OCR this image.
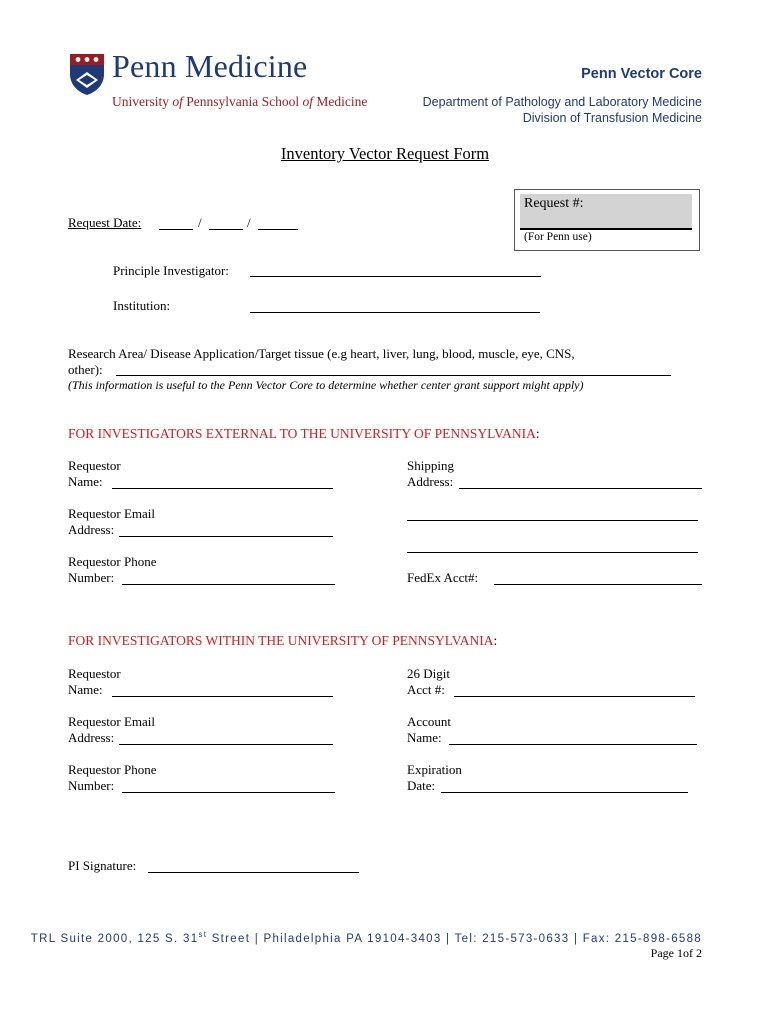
Penn Medicine
University of Pennsylvania School of Medicine
Penn Vector Core
Department of Pathology and Laboratory Medicine
Division of Transfusion Medicine
Inventory Vector Request Form
Request #:
(For Penn use)
Request Date:	/	/
Principle Investigator:
Institution:
Research Area/ Disease Application/Target tissue (e.g heart, liver, lung, blood, muscle, eye, CNS,
other):
(This information is useful to the Penn Vector Core to determine whether center grant support might apply)
FOR INVESTIGATORS EXTERNAL TO THE UNIVERSITY OF PENNSYLVANIA:
Requestor
Name:
Requestor Email
Address:
Requestor Phone
Number:
Shipping
Address:
FedEx Acct#:
FOR INVESTIGATORS WITHIN THE UNIVERSITY OF PENNSYLVANIA:
Requestor
Name:
Requestor Email
Address:
Requestor Phone
Number:
26 Digit
Acct #:
Account
Name:
Expiration
Date:
PI Signature:
TRL Suite 2000, 125 S. 31st Street | Philadelphia PA 19104-3403 | Tel: 215-573-0633 | Fax: 215-898-6588
Page 1of 2
